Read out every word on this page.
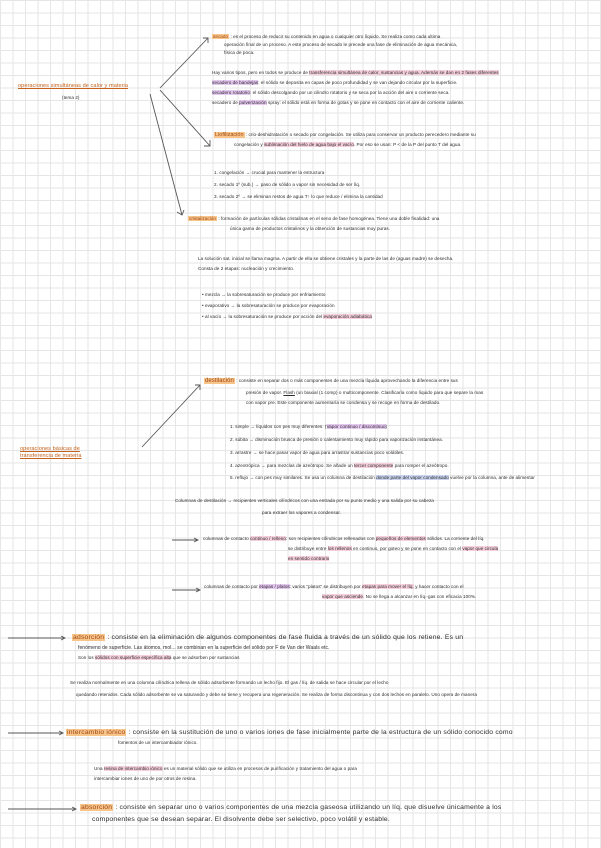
operaciones simultáneas de calor y materia
(tema 2)
secado : es el proceso de reducir su contenido en agua o cualquier otro líquido. Se realiza como cada ultima
operación final de un proceso. A este proceso de secado le precede una fase de eliminación de agua mecánica,
física de poca.
Hay varios tipos, pero en todos se produce de transferencia simultánea de calor, sustancias y agua. Además se dan en 2 fases diferentes
secadero de bandejas: el sólido se deposita en capas de poco profundidad y se van dejando circular por la superficie.
secadero rotatorio: el sólido descolgando por un cilindro rotatorio y se seca por la acción del aire o corriente seca.
secadero de pulverización spray: el sólido está en forma de gotas y se pone en contacto con el aire de corriente caliente.
Liofilización : crio-deshidratación o secado por congelación. Se utiliza para conservar un producto perecedero mediante su
congelación y sublimación del hielo de agua bajo el vacío. Por eso se usan: P < de la P del punto T del agua.
1. congelación → crucial para mantener la estructura
2. secado 1º (sub.) → paso de sólido a vapor sin necesidad de ser líq.
3. secado 2º → se eliminan restos de agua T↑ lo que reduce / elimina la cantidad
cristalización : formación de partículas sólidas cristalinas en el seno de fase homogénea. Tiene una doble finalidad: una
única gama de productos cristalinos y la obtención de sustancias muy puras.
La solución sat. inicial se llama magma. A partir de ella se obtiene cristales y la parte de las de (aguas madre) se desecha.
Consta de 2 etapas: nucleación y crecimiento.
• mezcla → la sobresaturación se produce por enfriamiento
• evaporativo → la sobresaturación se produce por evaporación
• al vacío → la sobresaturación se produce por acción del evaporación adiabática
operaciones básicas de
transferencia de materia
destilación : consiste en separar dos o más componentes de una mezcla líquida aprovechando la diferencia entre sus
presión de vapor. Flash (un biaxial (1 comp) o multicomponente. Clasificaría como líquido para que separe la mas
con vapor pre. Este componente aumentaría se condensa y se recoge en forma de destilado.
1. simple → líquidos con pes muy diferentes. (Vapor continuo / discontinuo)
2. súbita → disminución brusca de presión o calentamiento muy rápido para vaporización instantánea.
3. arrastre → se hace pasar vapor de agua para arrastrar sustancias poco volátiles.
4. azeotrópica → para mezclas de azeótropo. Se añade un tercer componente para romper el azeótropo.
5. reflujo → con pes muy similares. Se usa un columna de destilación donde parte del vapor condensado vuelve por la columna, ante de alimentar
Columnas de destilación → recipientes verticales cilíndricos con una entrada por su punto medio y una salida por su cabeza
para extraer los vapores a condensar.
columnas de contacto continuo / relleno: son recipientes cilíndricos rellenados con pequeños de elementos sólidos. La corriente del líq.
se distribuye entre los rellenos en continuo, por goteo y se pone en contacto con el vapor que circula
en sentido contrario
columnas de contacto por etapas / platos: varios "platos" se distribuyen por etapas para mover el líq. y hacer contacto con el
vapor que asciende. No se llega a alcanzar en líq.-gas con eficacia 100%.
adsorción : consiste en la eliminación de algunos componentes de fase fluida a través de un sólido que los retiene. Es un
fenómeno de superficie. Las átomos, mol... se combinan en la superficie del sólido por F de Van der Waals etc.
Son los sólidos con superficie específica alta que se adsorben por sustancias
Se realiza normalmente en una columna cilíndrica rellena de sólido adsorbente formando un lecho fijo. El gas / líq. de salida se hace circular por el lecho
quedando retenidos. Cada sólido adsorbente se va saturando y debe se tiene y recupera una regeneración. Se realiza de forma discontinua y con dos lechos en paralelo. Uno opera de manera
intercambio iónico : consiste en la sustitución de uno o varios iones de fase inicialmente parte de la estructura de un sólido conocido como
fomentos de un intercambiador iónico.
Una resina de intercambio iónico es un material sólido que se utiliza en procesos de purificación y tratamiento del agua o para
intercambiar iones de uno de por otros de resina.
absorción : consiste en separar uno o varios componentes de una mezcla gaseosa utilizando un líq. que disuelve únicamente a los
componentes que se desean separar. El disolvente debe ser selectivo, poco volátil y estable.
